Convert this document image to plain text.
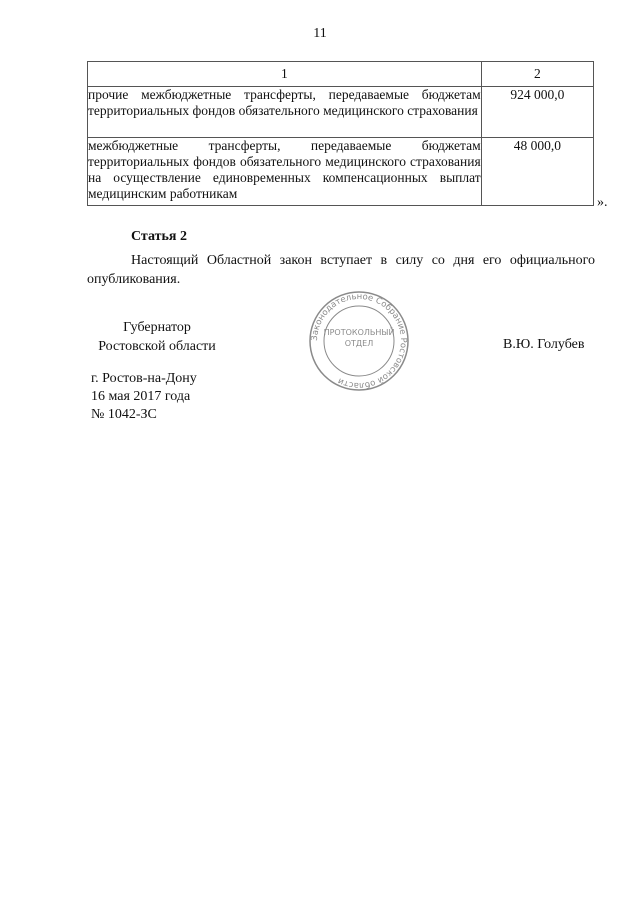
11
1	2
прочие межбюджетные трансферты, передаваемые бюджетам территориальных фондов обязательного медицинского страхования	924 000,0
межбюджетные трансферты, передаваемые бюджетам территориальных фондов обязательного медицинского страхования на осуществление единовременных компенсационных выплат медицинским работникам	48 000,0
».
Статья 2
Настоящий Областной закон вступает в силу со дня его официального опубликования.
Губернатор
Ростовской области
Законодательное Собрание Ростовской области
ПРОТОКОЛЬНЫЙ
ОТДЕЛ	В.Ю. Голубев
г. Ростов-на-Дону
16 мая 2017 года
№ 1042-ЗС
